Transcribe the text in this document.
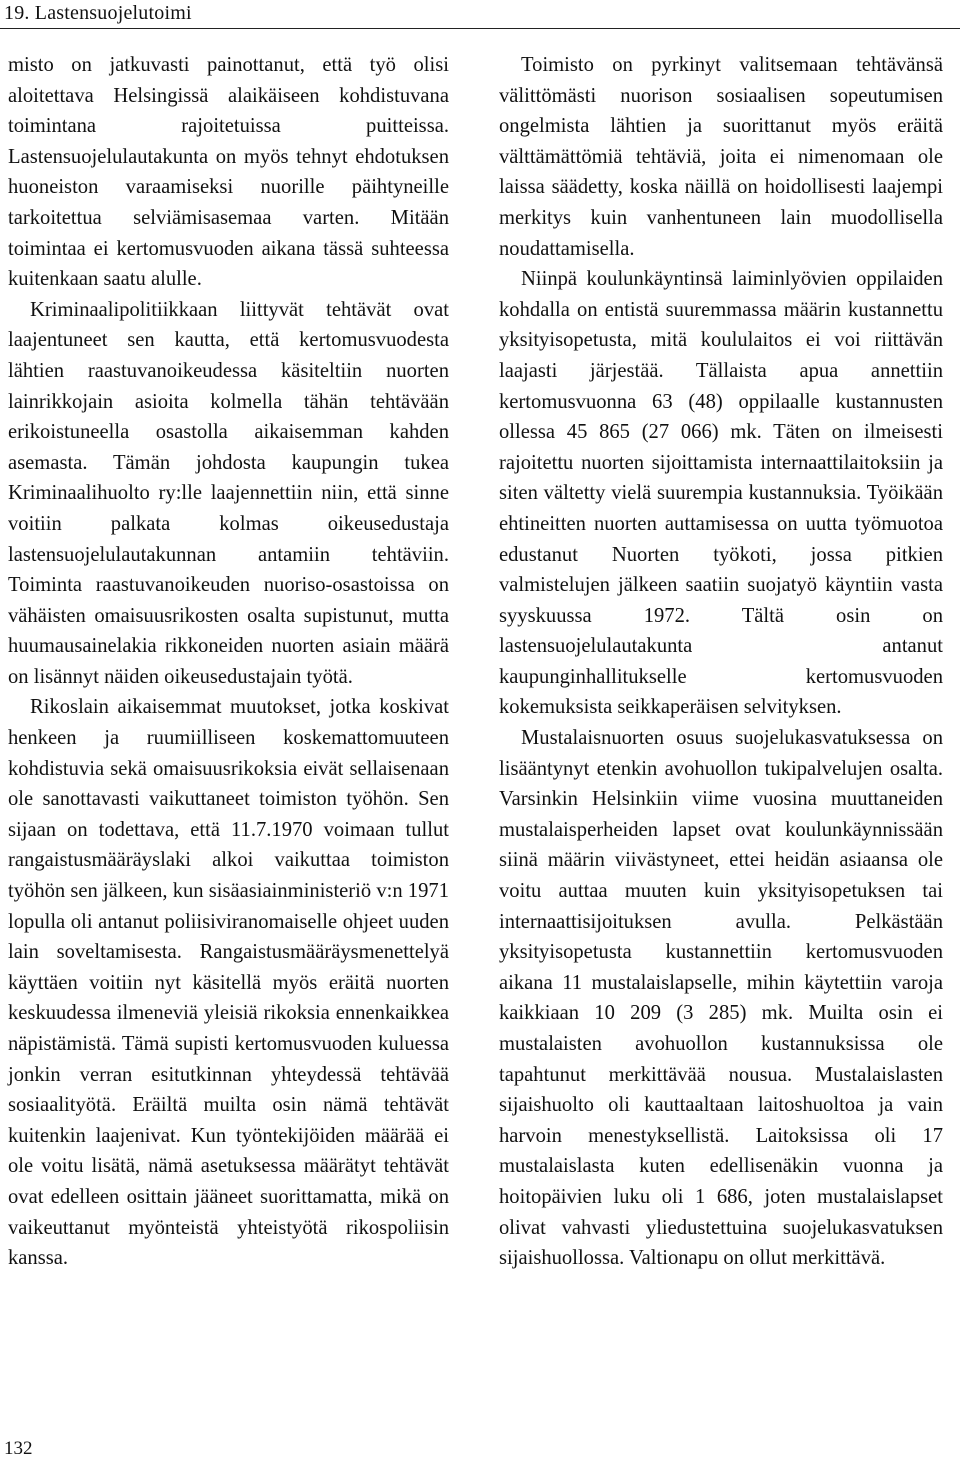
19. Lastensuojelutoimi

misto on jatkuvasti painottanut, että työ olisi aloitettava Helsingissä alaikäiseen kohdistuvana toimintana rajoitetuissa puitteissa. Lastensuojelulautakunta on myös tehnyt ehdotuksen huoneiston varaamiseksi nuorille päihtyneille tarkoitettua selviämisasemaa varten. Mitään toimintaa ei kertomusvuoden aikana tässä suhteessa kuitenkaan saatu alulle.

Kriminaalipolitiikkaan liittyvät tehtävät ovat laajentuneet sen kautta, että kertomusvuodesta lähtien raastuvanoikeudessa käsiteltiin nuorten lainrikkojain asioita kolmella tähän tehtävään erikoistuneella osastolla aikaisemman kahden asemasta. Tämän johdosta kaupungin tukea Kriminaalihuolto ry:lle laajennettiin niin, että sinne voitiin palkata kolmas oikeusedustaja lastensuojelulautakunnan antamiin tehtäviin. Toiminta raastuvanoikeuden nuoriso-osastoissa on vähäisten omaisuusrikosten osalta supistunut, mutta huumausainelakia rikkoneiden nuorten asiain määrä on lisännyt näiden oikeusedustajain työtä.

Rikoslain aikaisemmat muutokset, jotka koskivat henkeen ja ruumiilliseen koskemattomuuteen kohdistuvia sekä omaisuusrikoksia eivät sellaisenaan ole sanottavasti vaikuttaneet toimiston työhön. Sen sijaan on todettava, että 11.7.1970 voimaan tullut rangaistusmääräyslaki alkoi vaikuttaa toimiston työhön sen jälkeen, kun sisäasiainministeriö v:n 1971 lopulla oli antanut poliisiviranomaiselle ohjeet uuden lain soveltamisesta. Rangaistusmääräysmenettelyä käyttäen voitiin nyt käsitellä myös eräitä nuorten keskuudessa ilmeneviä yleisiä rikoksia ennenkaikkea näpistämistä. Tämä supisti kertomusvuoden kuluessa jonkin verran esitutkinnan yhteydessä tehtävää sosiaalityötä. Eräiltä muilta osin nämä tehtävät kuitenkin laajenivat. Kun työntekijöiden määrää ei ole voitu lisätä, nämä asetuksessa määrätyt tehtävät ovat edelleen osittain jääneet suorittamatta, mikä on vaikeuttanut myönteistä yhteistyötä rikospoliisin kanssa.

Toimisto on pyrkinyt valitsemaan tehtävänsä välittömästi nuorison sosiaalisen sopeutumisen ongelmista lähtien ja suorittanut myös eräitä välttämättömiä tehtäviä, joita ei nimenomaan ole laissa säädetty, koska näillä on hoidollisesti laajempi merkitys kuin vanhentuneen lain muodollisella noudattamisella.

Niinpä koulunkäyntinsä laiminlyövien oppilaiden kohdalla on entistä suuremmassa määrin kustannettu yksityisopetusta, mitä koululaitos ei voi riittävän laajasti järjestää. Tällaista apua annettiin kertomusvuonna 63 (48) oppilaalle kustannusten ollessa 45 865 (27 066) mk. Täten on ilmeisesti rajoitettu nuorten sijoittamista internaattilaitoksiin ja siten vältetty vielä suurempia kustannuksia. Työikään ehtineitten nuorten auttamisessa on uutta työmuotoa edustanut Nuorten työkoti, jossa pitkien valmistelujen jälkeen saatiin suojatyö käyntiin vasta syyskuussa 1972. Tältä osin on lastensuojelulautakunta antanut kaupunginhallitukselle kertomusvuoden kokemuksista seikkaperäisen selvityksen.

Mustalaisnuorten osuus suojelukasvatuksessa on lisääntynyt etenkin avohuollon tukipalvelujen osalta. Varsinkin Helsinkiin viime vuosina muuttaneiden mustalaisperheiden lapset ovat koulunkäynnissään siinä määrin viivästyneet, ettei heidän asiaansa ole voitu auttaa muuten kuin yksityisopetuksen tai internaattisijoituksen avulla. Pelkästään yksityisopetusta kustannettiin kertomusvuoden aikana 11 mustalaislapselle, mihin käytettiin varoja kaikkiaan 10 209 (3 285) mk. Muilta osin ei mustalaisten avohuollon kustannuksissa ole tapahtunut merkittävää nousua. Mustalaislasten sijaishuolto oli kauttaaltaan laitoshuoltoa ja vain harvoin menestyksellistä. Laitoksissa oli 17 mustalaislasta kuten edellisenäkin vuonna ja hoitopäivien luku oli 1 686, joten mustalaislapset olivat vahvasti yliedustettuina suojelukasvatuksen sijaishuollossa. Valtionapu on ollut merkittävä.

132
